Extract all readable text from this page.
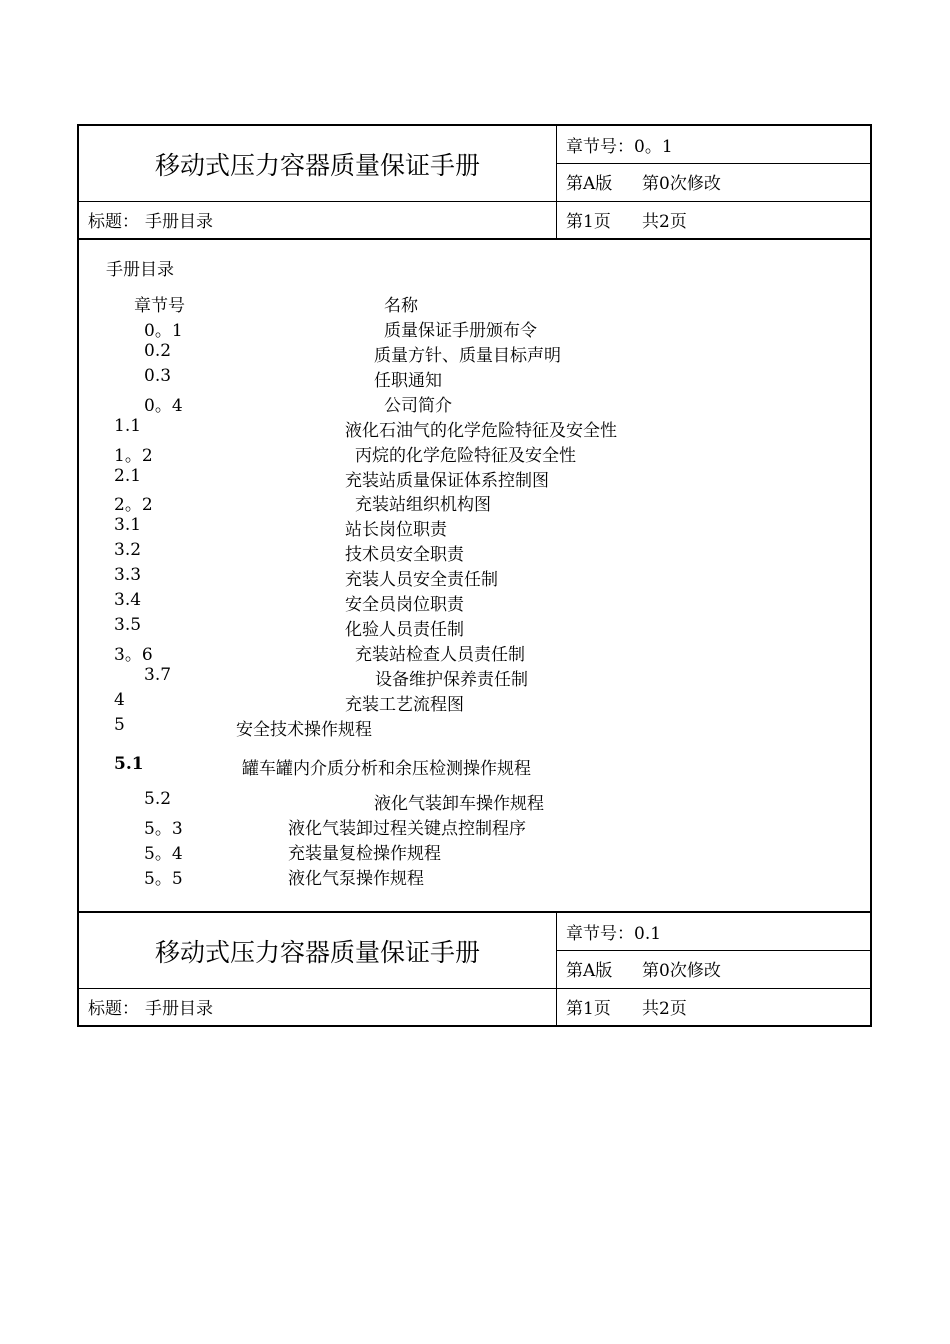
移动式压力容器质量保证手册
章节号：0。1
第A版 第0次修改
标题： 手册目录	第1页 共2页
手册目录
章节号	名称
0。1	质量保证手册颁布令
0.2	质量方针、质量目标声明
0.3	任职通知
0。4	公司简介
1.1	液化石油气的化学危险特征及安全性
1。2	丙烷的化学危险特征及安全性
2.1	充装站质量保证体系控制图
2。2	充装站组织机构图
3.1	站长岗位职责
3.2	技术员安全职责
3.3	充装人员安全责任制
3.4	安全员岗位职责
3.5	化验人员责任制
3。6	充装站检查人员责任制
3.7	设备维护保养责任制
4	充装工艺流程图
5	安全技术操作规程
5.1	罐车罐内介质分析和余压检测操作规程
5.2	液化气装卸车操作规程
5。3	液化气装卸过程关键点控制程序
5。4	充装量复检操作规程
5。5	液化气泵操作规程
移动式压力容器质量保证手册
章节号：0.1
第A版 第0次修改
标题： 手册目录	第1页 共2页
